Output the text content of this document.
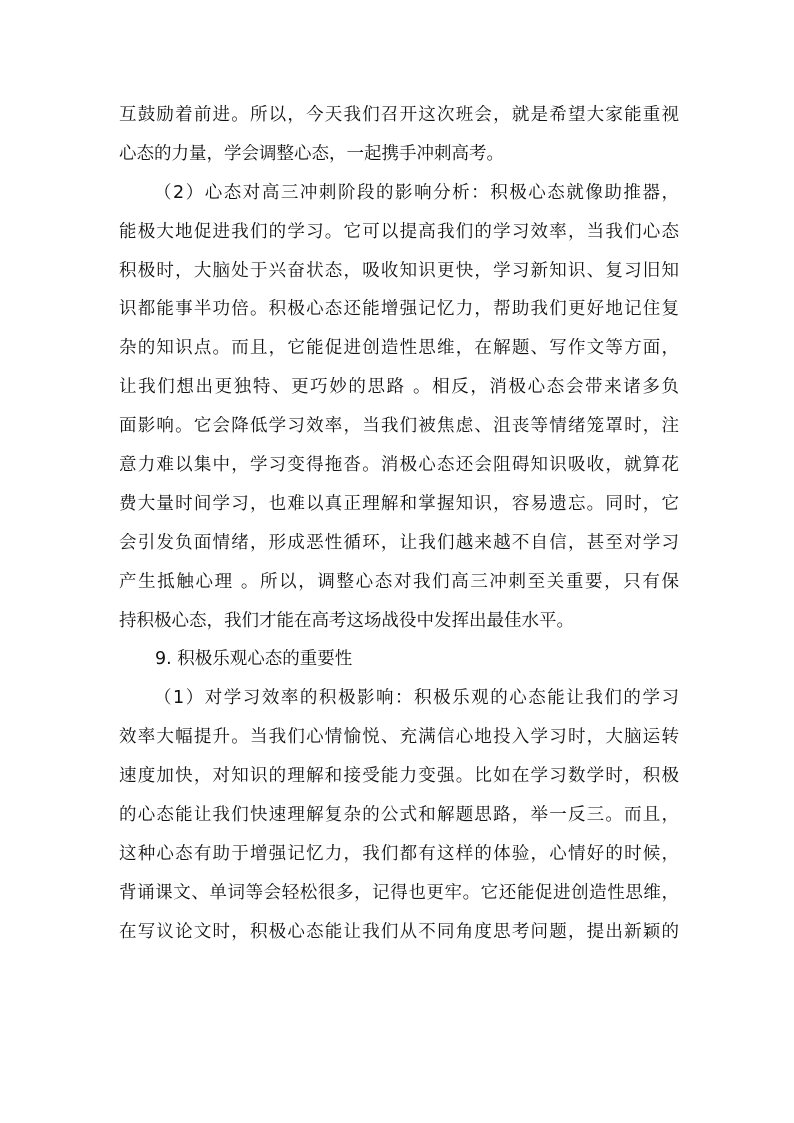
互鼓励着前进。所以，今天我们召开这次班会，就是希望大家能重视
心态的力量，学会调整心态，一起携手冲刺高考。
（2）心态对高三冲刺阶段的影响分析：积极心态就像助推器，
能极大地促进我们的学习。它可以提高我们的学习效率，当我们心态
积极时，大脑处于兴奋状态，吸收知识更快，学习新知识、复习旧知
识都能事半功倍。积极心态还能增强记忆力，帮助我们更好地记住复
杂的知识点。而且，它能促进创造性思维，在解题、写作文等方面，
让我们想出更独特、更巧妙的思路 。相反，消极心态会带来诸多负
面影响。它会降低学习效率，当我们被焦虑、沮丧等情绪笼罩时，注
意力难以集中，学习变得拖沓。消极心态还会阻碍知识吸收，就算花
费大量时间学习，也难以真正理解和掌握知识，容易遗忘。同时，它
会引发负面情绪，形成恶性循环，让我们越来越不自信，甚至对学习
产生抵触心理 。所以，调整心态对我们高三冲刺至关重要，只有保
持积极心态，我们才能在高考这场战役中发挥出最佳水平。
9. 积极乐观心态的重要性
（1）对学习效率的积极影响：积极乐观的心态能让我们的学习
效率大幅提升。当我们心情愉悦、充满信心地投入学习时，大脑运转
速度加快，对知识的理解和接受能力变强。比如在学习数学时，积极
的心态能让我们快速理解复杂的公式和解题思路，举一反三。而且，
这种心态有助于增强记忆力，我们都有这样的体验，心情好的时候，
背诵课文、单词等会轻松很多，记得也更牢。它还能促进创造性思维，
在写议论文时，积极心态能让我们从不同角度思考问题，提出新颖的
